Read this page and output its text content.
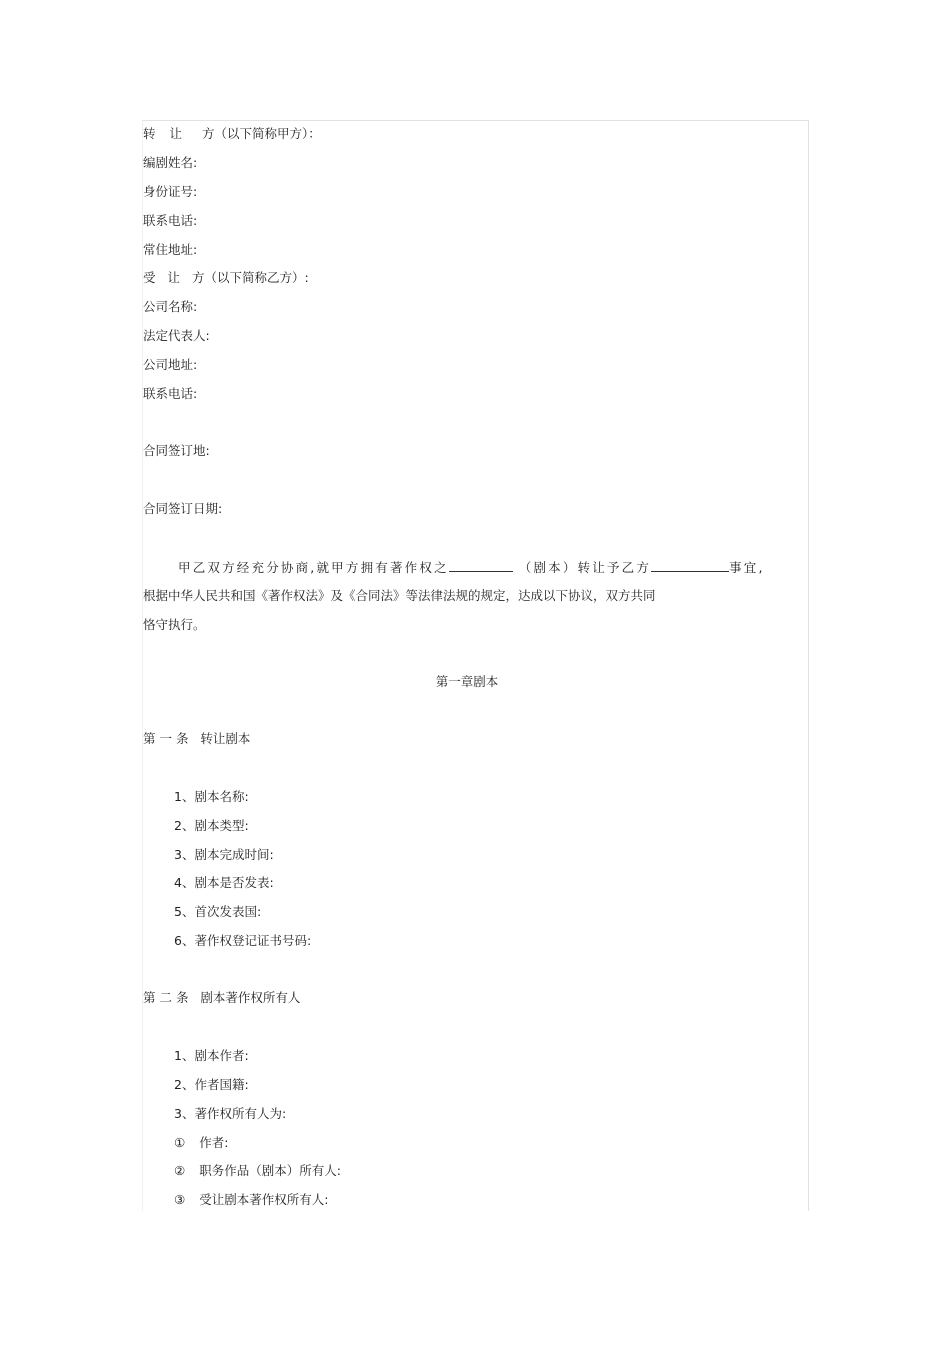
转 让 方（以下简称甲方）：
编剧姓名:
身份证号:
联系电话:
常住地址:
受 让 方（以下简称乙方）:
公司名称:
法定代表人:
公司地址:
联系电话:
合同签订地:
合同签订日期:
甲乙双方经充分协商,就甲方拥有著作权之	（剧本）转让予乙方	事宜,
根据中华人民共和国《著作权法》及《合同法》等法律法规的规定，达成以下协议，双方共同
恪守执行。
第一章剧本
第 一 条   转让剧本
1、剧本名称:
2、剧本类型:
3、剧本完成时间:
4、剧本是否发表:
5、首次发表国:
6、著作权登记证书号码:
第 二 条   剧本著作权所有人
1、剧本作者:
2、作者国籍:
3、著作权所有人为:
① 作者:
② 职务作品（剧本）所有人:
③ 受让剧本著作权所有人:
